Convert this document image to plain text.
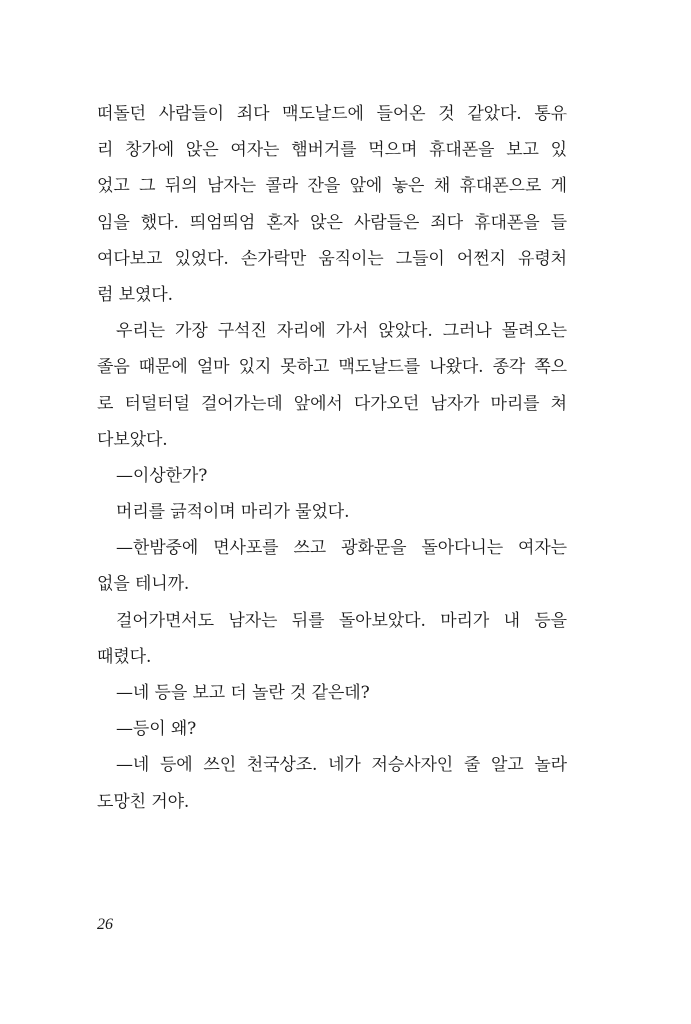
떠돌던 사람들이 죄다 맥도날드에 들어온 것 같았다. 통유
리 창가에 앉은 여자는 햄버거를 먹으며 휴대폰을 보고 있
었고 그 뒤의 남자는 콜라 잔을 앞에 놓은 채 휴대폰으로 게
임을 했다. 띄엄띄엄 혼자 앉은 사람들은 죄다 휴대폰을 들
여다보고 있었다. 손가락만 움직이는 그들이 어쩐지 유령처
럼 보였다.
우리는 가장 구석진 자리에 가서 앉았다. 그러나 몰려오는
졸음 때문에 얼마 있지 못하고 맥도날드를 나왔다. 종각 쪽으
로 터덜터덜 걸어가는데 앞에서 다가오던 남자가 마리를 쳐
다보았다.
—이상한가?
머리를 긁적이며 마리가 물었다.
—한밤중에 면사포를 쓰고 광화문을 돌아다니는 여자는
없을 테니까.
걸어가면서도 남자는 뒤를 돌아보았다. 마리가 내 등을
때렸다.
—네 등을 보고 더 놀란 것 같은데?
—등이 왜?
—네 등에 쓰인 천국상조. 네가 저승사자인 줄 알고 놀라
도망친 거야.
26
